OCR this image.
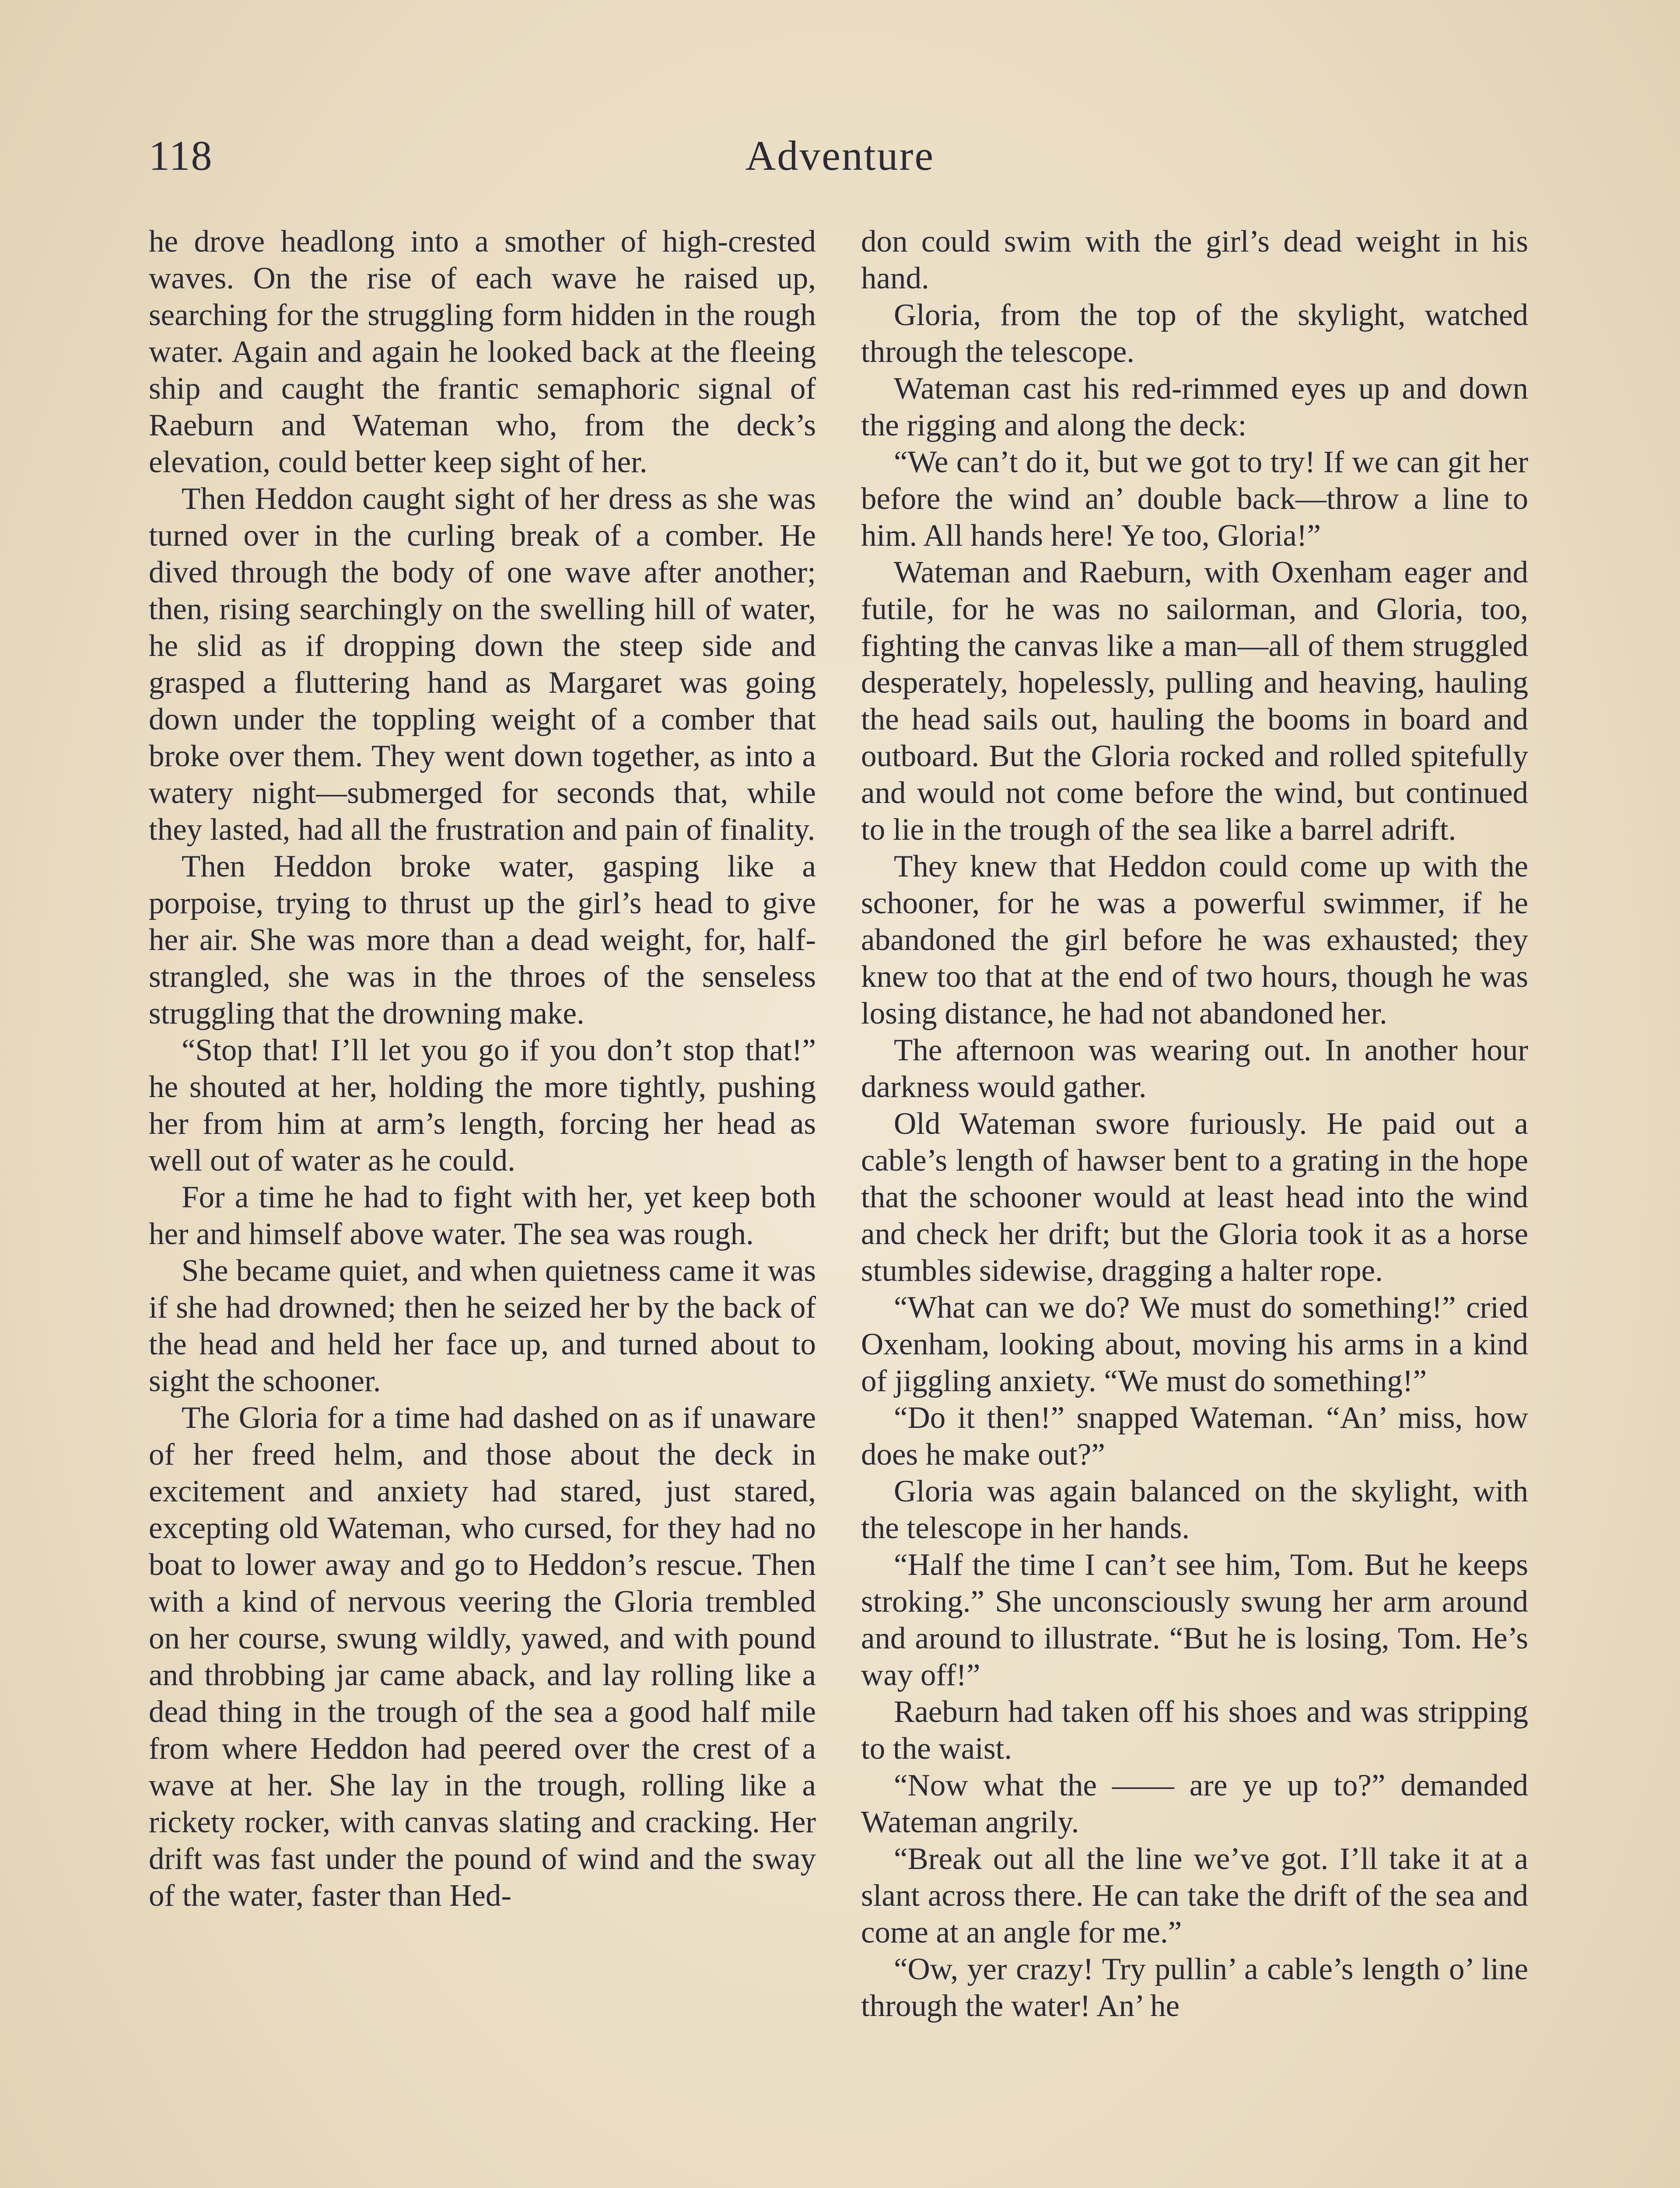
118	Adventure

he drove headlong into a smother of high-crested waves. On the rise of each wave he raised up, searching for the struggling form hidden in the rough water. Again and again he looked back at the fleeing ship and caught the frantic semaphoric signal of Raeburn and Wateman who, from the deck’s elevation, could better keep sight of her.

Then Heddon caught sight of her dress as she was turned over in the curling break of a comber. He dived through the body of one wave after another; then, rising searchingly on the swelling hill of water, he slid as if dropping down the steep side and grasped a fluttering hand as Margaret was going down under the toppling weight of a comber that broke over them. They went down together, as into a watery night—submerged for seconds that, while they lasted, had all the frustration and pain of finality.

Then Heddon broke water, gasping like a porpoise, trying to thrust up the girl’s head to give her air. She was more than a dead weight, for, half-strangled, she was in the throes of the senseless struggling that the drowning make.

“Stop that! I’ll let you go if you don’t stop that!” he shouted at her, holding the more tightly, pushing her from him at arm’s length, forcing her head as well out of water as he could.

For a time he had to fight with her, yet keep both her and himself above water. The sea was rough.

She became quiet, and when quietness came it was if she had drowned; then he seized her by the back of the head and held her face up, and turned about to sight the schooner.

The Gloria for a time had dashed on as if unaware of her freed helm, and those about the deck in excitement and anxiety had stared, just stared, excepting old Wateman, who cursed, for they had no boat to lower away and go to Heddon’s rescue. Then with a kind of nervous veering the Gloria trembled on her course, swung wildly, yawed, and with pound and throbbing jar came aback, and lay rolling like a dead thing in the trough of the sea a good half mile from where Heddon had peered over the crest of a wave at her. She lay in the trough, rolling like a rickety rocker, with canvas slating and cracking. Her drift was fast under the pound of wind and the sway of the water, faster than Hed-

don could swim with the girl’s dead weight in his hand.

Gloria, from the top of the skylight, watched through the telescope.

Wateman cast his red-rimmed eyes up and down the rigging and along the deck:

“We can’t do it, but we got to try! If we can git her before the wind an’ double back—throw a line to him. All hands here! Ye too, Gloria!”

Wateman and Raeburn, with Oxenham eager and futile, for he was no sailorman, and Gloria, too, fighting the canvas like a man—all of them struggled desperately, hopelessly, pulling and heaving, hauling the head sails out, hauling the booms in board and outboard. But the Gloria rocked and rolled spitefully and would not come before the wind, but continued to lie in the trough of the sea like a barrel adrift.

They knew that Heddon could come up with the schooner, for he was a powerful swimmer, if he abandoned the girl before he was exhausted; they knew too that at the end of two hours, though he was losing distance, he had not abandoned her.

The afternoon was wearing out. In another hour darkness would gather.

Old Wateman swore furiously. He paid out a cable’s length of hawser bent to a grating in the hope that the schooner would at least head into the wind and check her drift; but the Gloria took it as a horse stumbles sidewise, dragging a halter rope.

“What can we do? We must do something!” cried Oxenham, looking about, moving his arms in a kind of jiggling anxiety. “We must do something!”

“Do it then!” snapped Wateman. “An’ miss, how does he make out?”

Gloria was again balanced on the skylight, with the telescope in her hands.

“Half the time I can’t see him, Tom. But he keeps stroking.” She unconsciously swung her arm around and around to illustrate. “But he is losing, Tom. He’s way off!”

Raeburn had taken off his shoes and was stripping to the waist.

“Now what the —— are ye up to?” demanded Wateman angrily.

“Break out all the line we’ve got. I’ll take it at a slant across there. He can take the drift of the sea and come at an angle for me.”

“Ow, yer crazy! Try pullin’ a cable’s length o’ line through the water! An’ he
